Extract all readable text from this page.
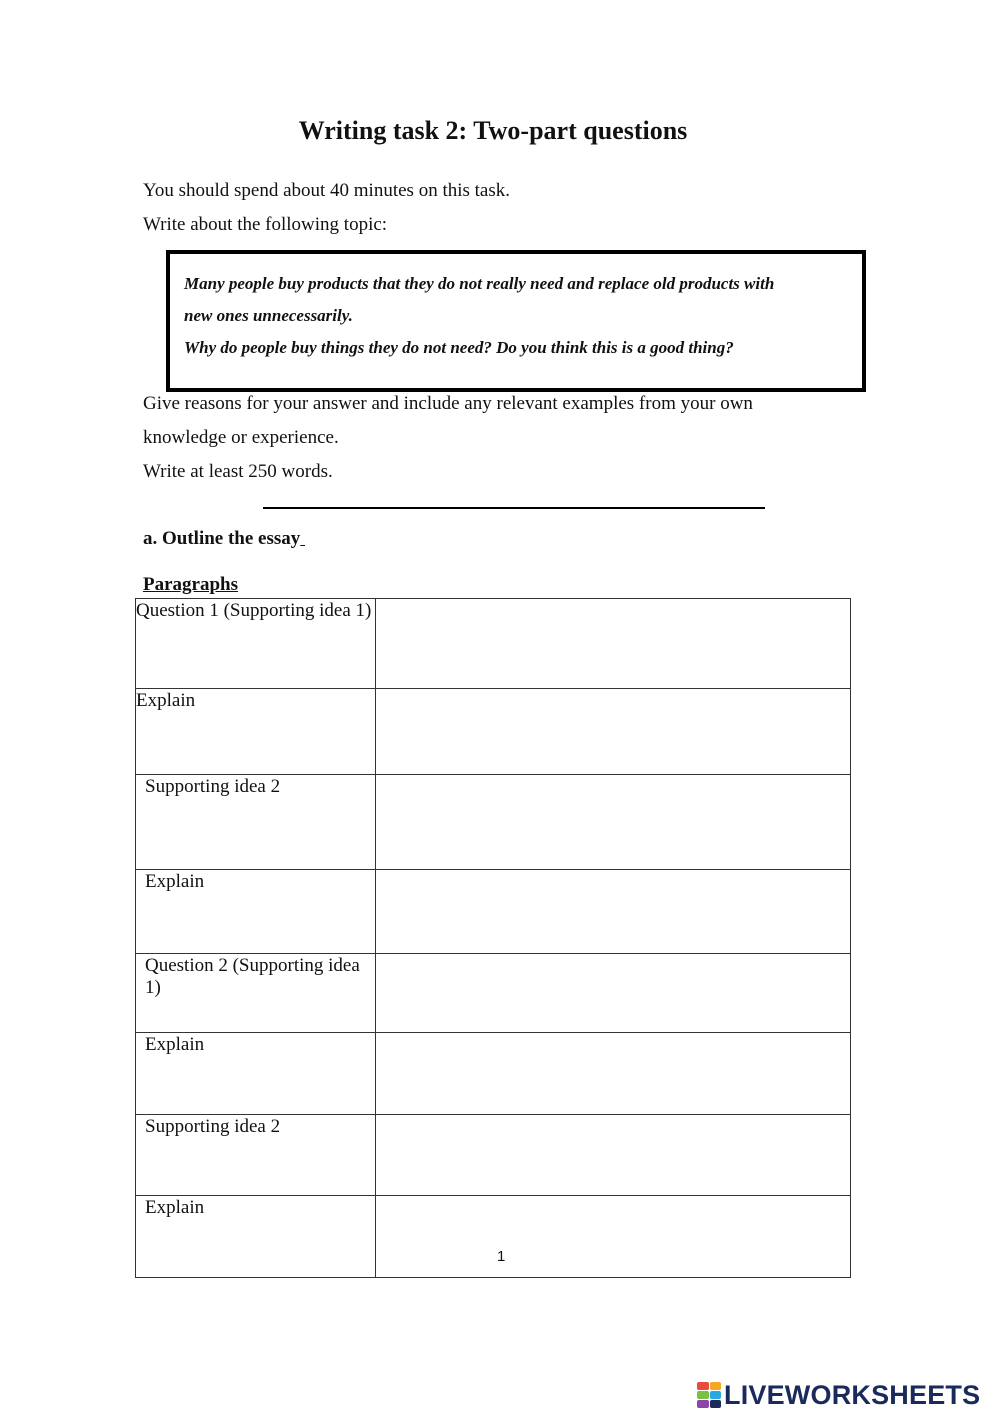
Writing task 2: Two-part questions
You should spend about 40 minutes on this task.
Write about the following topic:
Many people buy products that they do not really need and replace old products with
new ones unnecessarily.
Why do people buy things they do not need? Do you think this is a good thing?
Give reasons for your answer and include any relevant examples from your own
knowledge or experience.
Write at least 250 words.
a. Outline the essay
Paragraphs
Question 1 (Supporting idea 1)

Explain

Supporting idea 2

Explain

Question 2 (Supporting idea 1)

Explain

Supporting idea 2

Explain

1
LIVEWORKSHEETS
